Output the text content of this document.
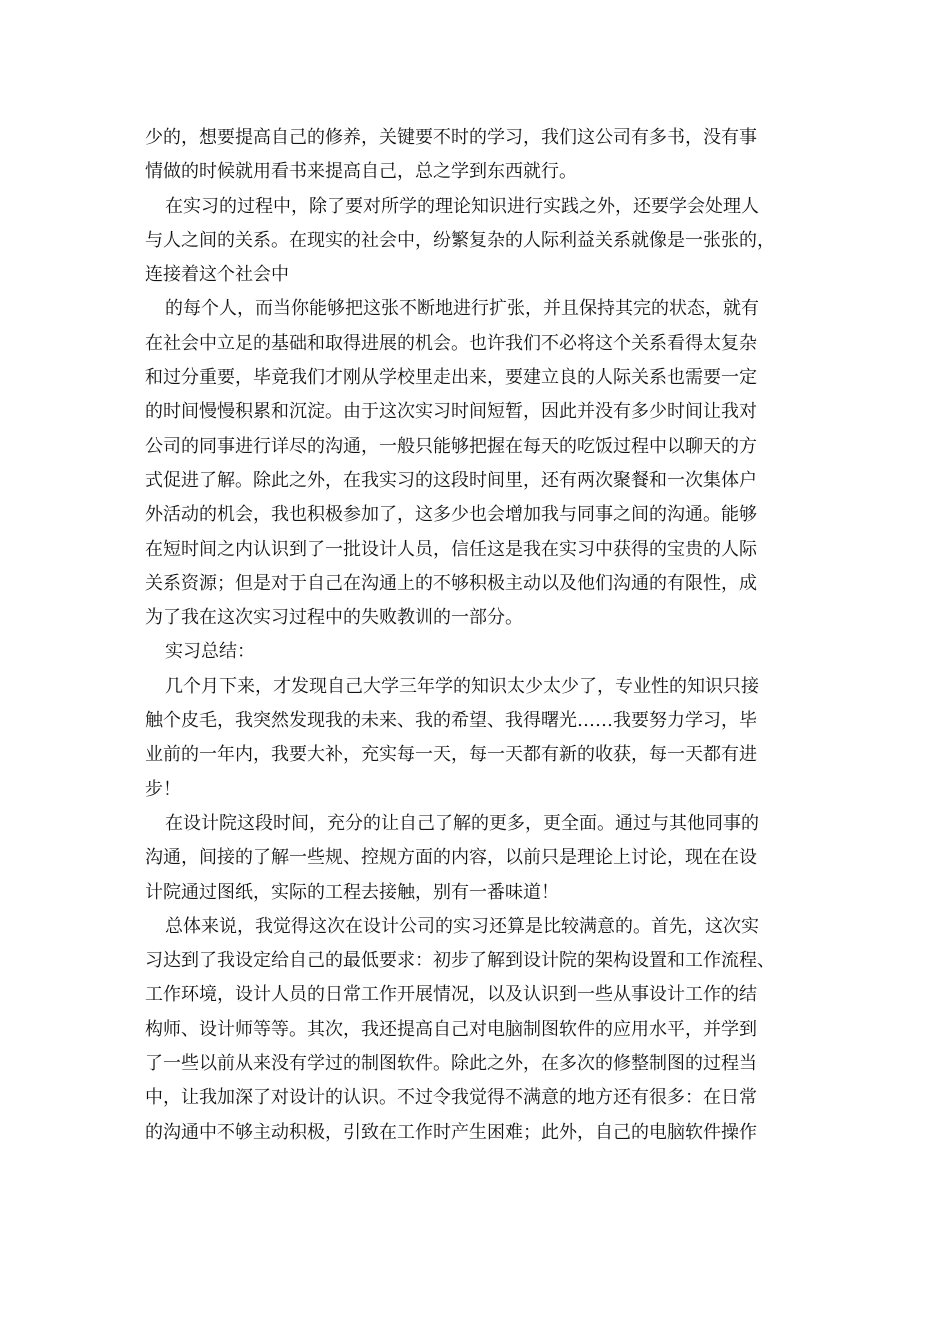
少的，想要提高自己的修养，关键要不时的学习，我们这公司有多书，没有事
情做的时候就用看书来提高自己，总之学到东西就行。
在实习的过程中，除了要对所学的理论知识进行实践之外，还要学会处理人
与人之间的关系。在现实的社会中，纷繁复杂的人际利益关系就像是一张张的，
连接着这个社会中
的每个人，而当你能够把这张不断地进行扩张，并且保持其完的状态，就有
在社会中立足的基础和取得进展的机会。也许我们不必将这个关系看得太复杂
和过分重要，毕竟我们才刚从学校里走出来，要建立良的人际关系也需要一定
的时间慢慢积累和沉淀。由于这次实习时间短暂，因此并没有多少时间让我对
公司的同事进行详尽的沟通，一般只能够把握在每天的吃饭过程中以聊天的方
式促进了解。除此之外，在我实习的这段时间里，还有两次聚餐和一次集体户
外活动的机会，我也积极参加了，这多少也会增加我与同事之间的沟通。能够
在短时间之内认识到了一批设计人员，信任这是我在实习中获得的宝贵的人际
关系资源；但是对于自己在沟通上的不够积极主动以及他们沟通的有限性，成
为了我在这次实习过程中的失败教训的一部分。
实习总结：
几个月下来，才发现自己大学三年学的知识太少太少了，专业性的知识只接
触个皮毛，我突然发现我的未来、我的希望、我得曙光……我要努力学习，毕
业前的一年内，我要大补，充实每一天，每一天都有新的收获，每一天都有进
步！
在设计院这段时间，充分的让自己了解的更多，更全面。通过与其他同事的
沟通，间接的了解一些规、控规方面的内容，以前只是理论上讨论，现在在设
计院通过图纸，实际的工程去接触，别有一番味道！
总体来说，我觉得这次在设计公司的实习还算是比较满意的。首先，这次实
习达到了我设定给自己的最低要求：初步了解到设计院的架构设置和工作流程、
工作环境，设计人员的日常工作开展情况，以及认识到一些从事设计工作的结
构师、设计师等等。其次，我还提高自己对电脑制图软件的应用水平，并学到
了一些以前从来没有学过的制图软件。除此之外，在多次的修整制图的过程当
中，让我加深了对设计的认识。不过令我觉得不满意的地方还有很多：在日常
的沟通中不够主动积极，引致在工作时产生困难；此外，自己的电脑软件操作
